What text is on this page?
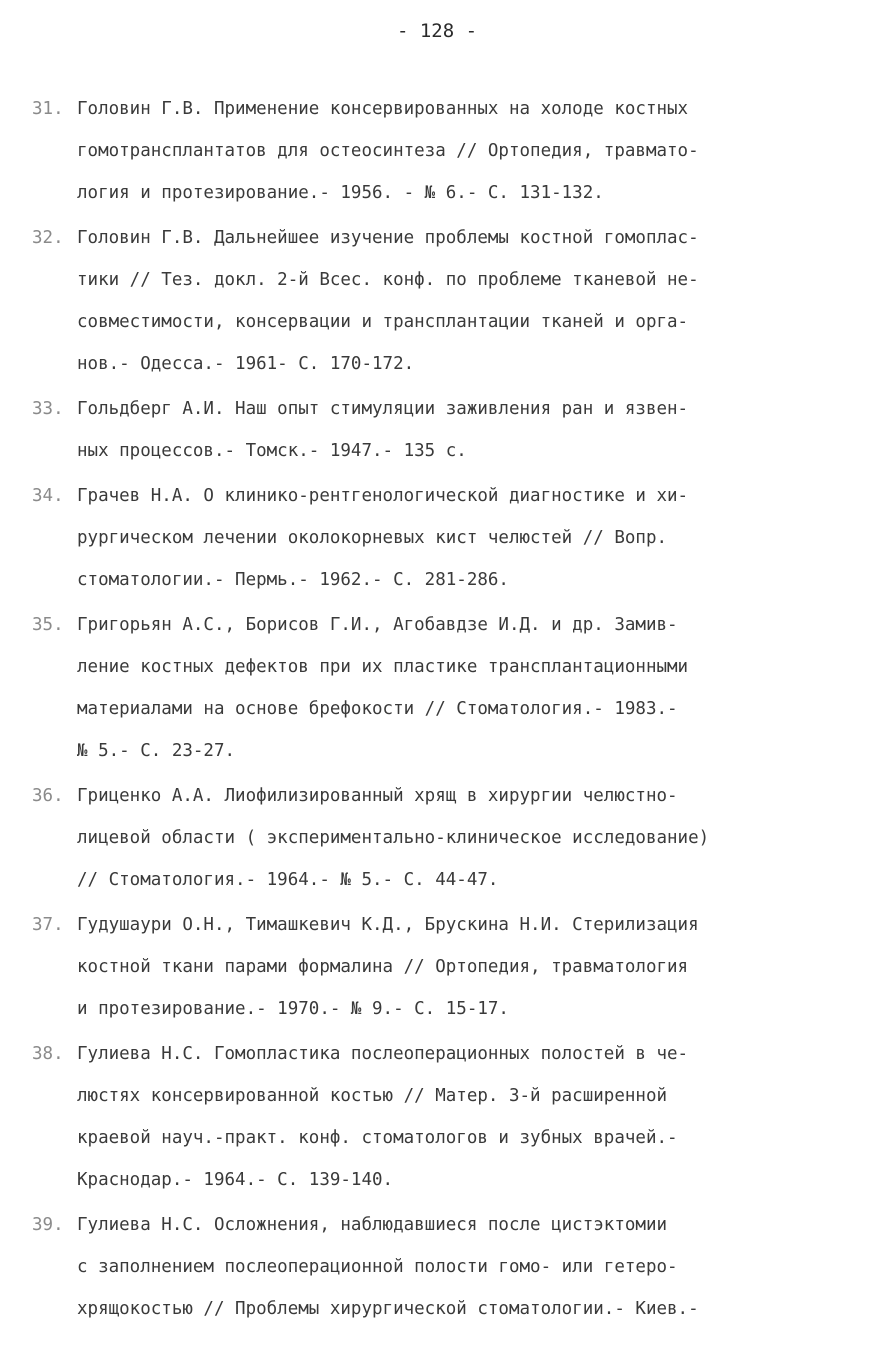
- 128 -
31. Головин Г.В. Применение консервированных на холоде костных
гомотрансплантатов для остеосинтеза // Ортопедия, травмато-
логия и протезирование.- 1956. - № 6.- С. 131-132.
32. Головин Г.В. Дальнейшее изучение проблемы костной гомоплас-
тики // Тез. докл. 2-й Всес. конф. по проблеме тканевой не-
совместимости, консервации и трансплантации тканей и орга-
нов.- Одесса.- 1961- С. 170-172.
33. Гольдберг А.И. Наш опыт стимуляции заживления ран и язвен-
ных процессов.- Томск.- 1947.- 135 с.
34. Грачев Н.А. О клинико-рентгенологической диагностике и хи-
рургическом лечении околокорневых кист челюстей // Вопр.
стоматологии.- Пермь.- 1962.- С. 281-286.
35. Григорьян А.С., Борисов Г.И., Агобавдзе И.Д. и др. Замив-
ление костных дефектов при их пластике трансплантационными
материалами на основе брефокости // Стоматология.- 1983.-
№ 5.- С. 23-27.
36. Гриценко А.А. Лиофилизированный хрящ в хирургии челюстно-
лицевой области ( экспериментально-клиническое исследование)
// Стоматология.- 1964.- № 5.- С. 44-47.
37. Гудушаури О.Н., Тимашкевич К.Д., Брускина Н.И. Стерилизация
костной ткани парами формалина // Ортопедия, травматология
и протезирование.- 1970.- № 9.- С. 15-17.
38. Гулиева Н.С. Гомопластика послеоперационных полостей в че-
люстях консервированной костью // Матер. 3-й расширенной
краевой науч.-практ. конф. стоматологов и зубных врачей.-
Краснодар.- 1964.- С. 139-140.
39. Гулиева Н.С. Осложнения, наблюдавшиеся после цистэктомии
с заполнением послеоперационной полости гомо- или гетеро-
хрящокостью // Проблемы хирургической стоматологии.- Киев.-
